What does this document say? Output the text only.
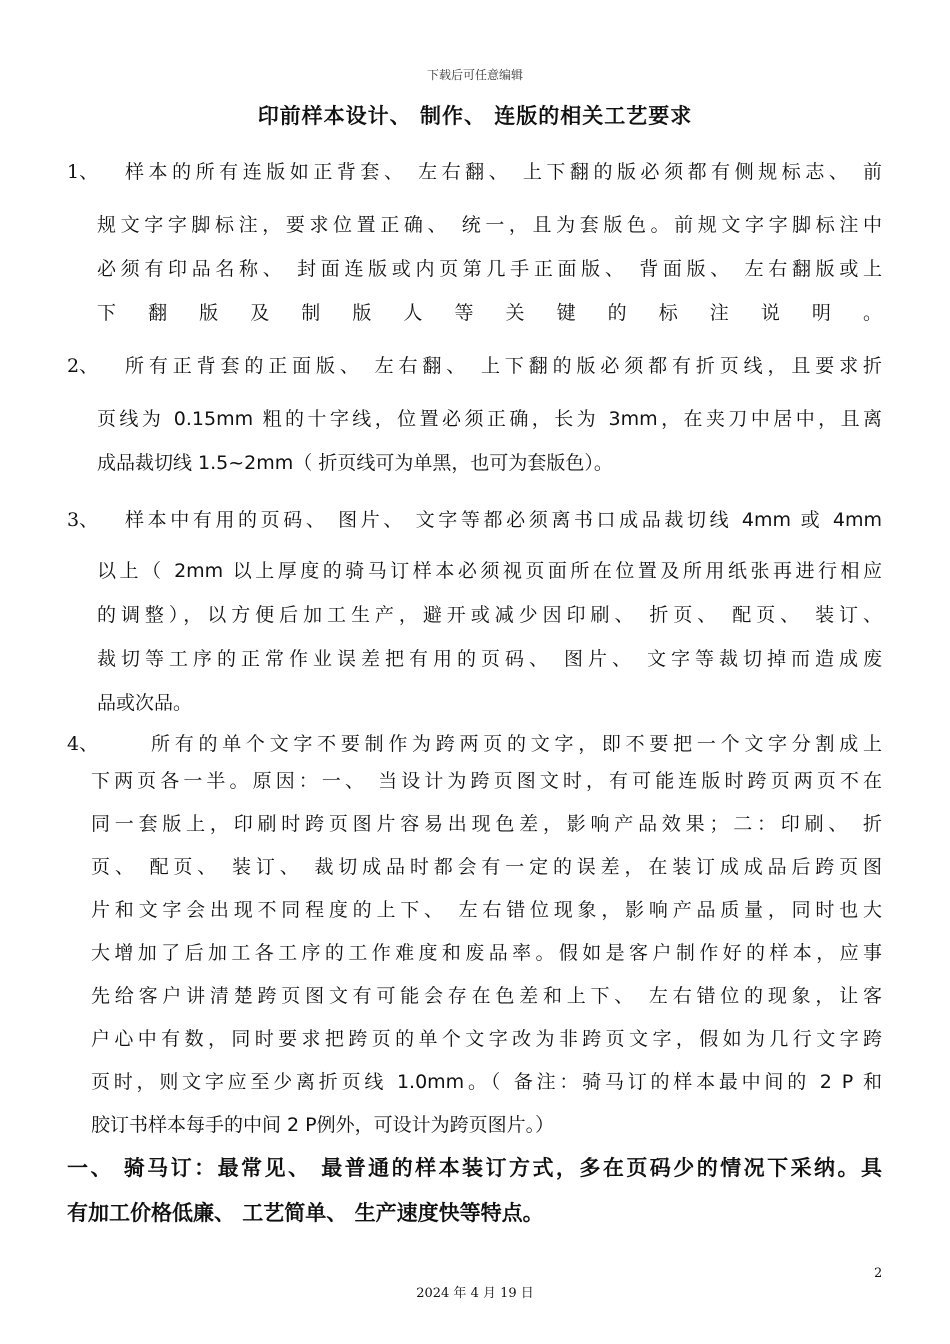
下载后可任意编辑
印前样本设计、 制作、 连版的相关工艺要求
1、 样本的所有连版如正背套、 左右翻、 上下翻的版必须都有侧规标志、 前
规文字字脚标注，要求位置正确、 统一，且为套版色。前规文字字脚标注中
必须有印品名称、 封面连版或内页第几手正面版、 背面版、 左右翻版或上
下翻版及制版人等关键的标注说明。
2、 所有正背套的正面版、 左右翻、 上下翻的版必须都有折页线，且要求折
页线为 0.15mm 粗的十字线，位置必须正确，长为 3mm，在夹刀中居中，且离
成品裁切线 1.5~2mm（ 折页线可为单黑，也可为套版色）。
3、 样本中有用的页码、 图片、 文字等都必须离书口成品裁切线 4mm 或 4mm
以上（ 2mm 以上厚度的骑马订样本必须视页面所在位置及所用纸张再进行相应
的调整），以方便后加工生产，避开或减少因印刷、 折页、 配页、 装订、
裁切等工序的正常作业误差把有用的页码、 图片、 文字等裁切掉而造成废
品或次品。
4、	所有的单个文字不要制作为跨两页的文字，即不要把一个文字分割成上
下两页各一半。原因：一、 当设计为跨页图文时，有可能连版时跨页两页不在
同一套版上，印刷时跨页图片容易出现色差，影响产品效果；二：印刷、 折
页、 配页、 装订、 裁切成品时都会有一定的误差，在装订成成品后跨页图
片和文字会出现不同程度的上下、 左右错位现象，影响产品质量，同时也大
大增加了后加工各工序的工作难度和废品率。假如是客户制作好的样本，应事
先给客户讲清楚跨页图文有可能会存在色差和上下、 左右错位的现象，让客
户心中有数，同时要求把跨页的单个文字改为非跨页文字，假如为几行文字跨
页时，则文字应至少离折页线 1.0mm。（ 备注：骑马订的样本最中间的 2 P 和
胶订书样本每手的中间 2 P例外，可设计为跨页图片。）
一、 骑马订：最常见、 最普通的样本装订方式，多在页码少的情况下采纳。具
有加工价格低廉、 工艺简单、 生产速度快等特点。
2
2024 年 4 月 19 日
